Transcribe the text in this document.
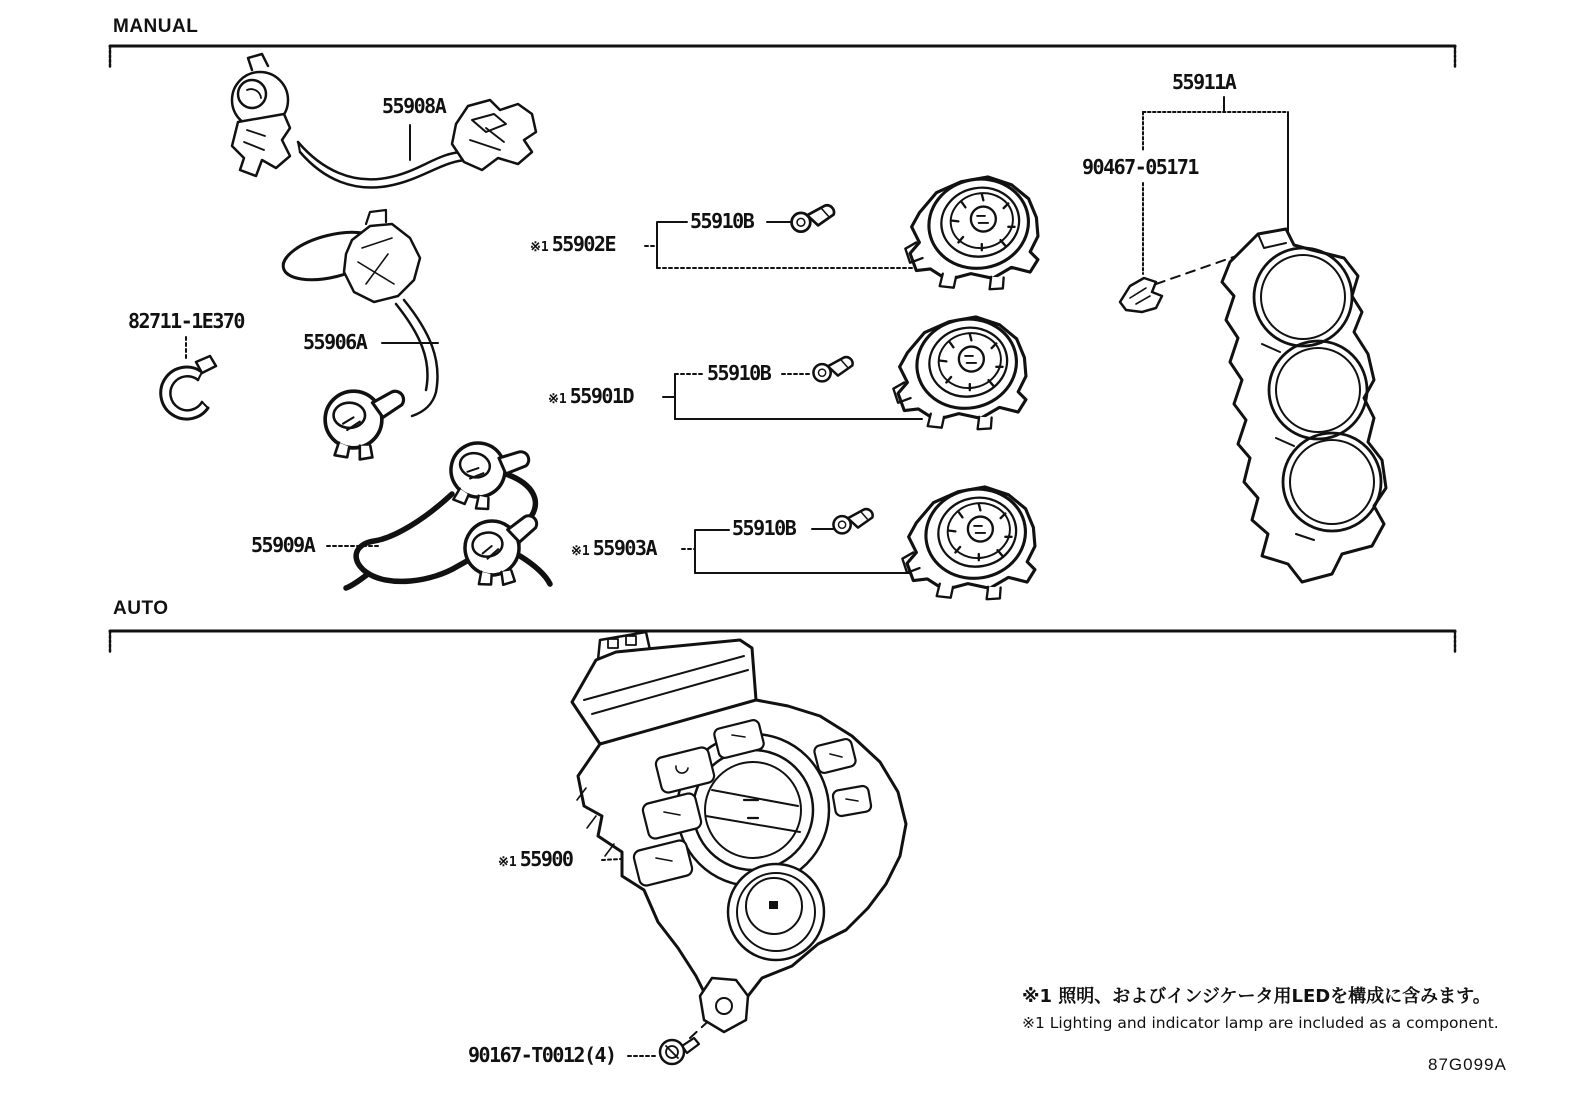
MANUAL
AUTO
55908A
55911A
90467-05171
※1 55902E
55910B
※1 55901D
55910B
※1 55903A
55910B
82711-1E370
55906A
55909A
※1 55900
90167-T0012(4)
※1 照明、およびインジケータ用LEDを構成に含みます。
※1 Lighting and indicator lamp are included as a component.
87G099A
